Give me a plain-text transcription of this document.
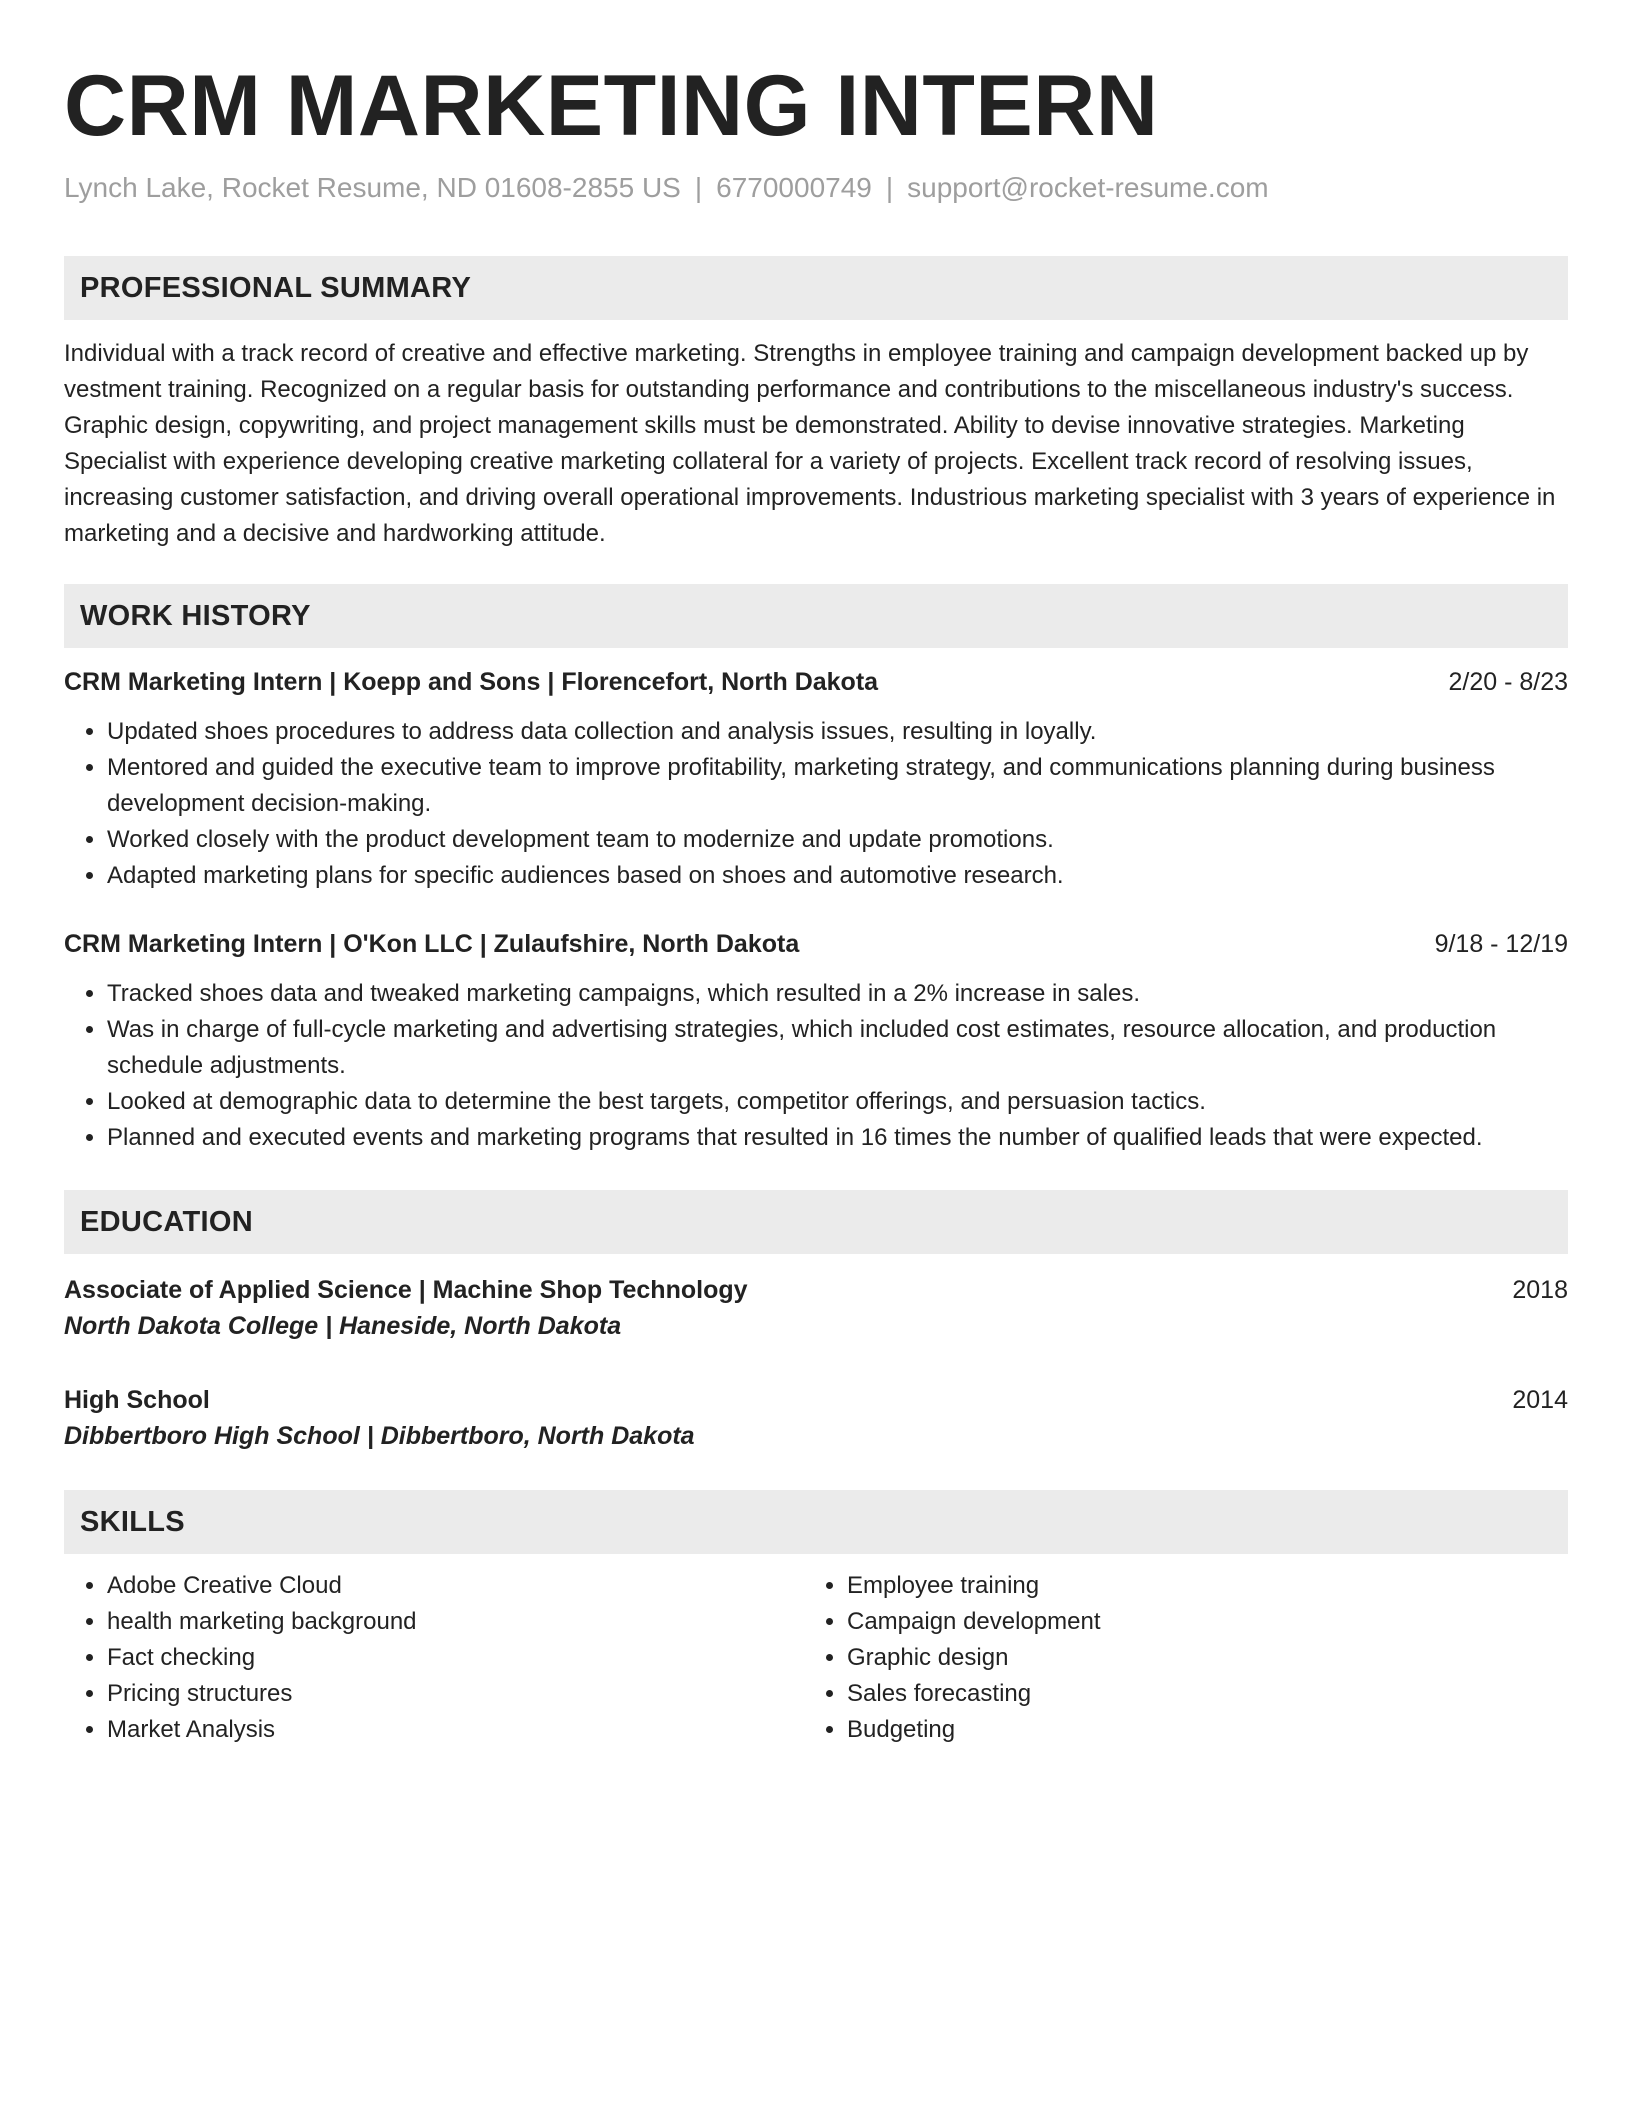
CRM MARKETING INTERN
Lynch Lake, Rocket Resume, ND 01608-2855 US | 6770000749 | support@rocket-resume.com
PROFESSIONAL SUMMARY
Individual with a track record of creative and effective marketing. Strengths in employee training and campaign development backed up by vestment training. Recognized on a regular basis for outstanding performance and contributions to the miscellaneous industry's success. Graphic design, copywriting, and project management skills must be demonstrated. Ability to devise innovative strategies. Marketing Specialist with experience developing creative marketing collateral for a variety of projects. Excellent track record of resolving issues, increasing customer satisfaction, and driving overall operational improvements. Industrious marketing specialist with 3 years of experience in marketing and a decisive and hardworking attitude.
WORK HISTORY
CRM Marketing Intern | Koepp and Sons | Florencefort, North Dakota	2/20 - 8/23
• Updated shoes procedures to address data collection and analysis issues, resulting in loyally.
• Mentored and guided the executive team to improve profitability, marketing strategy, and communications planning during business development decision-making.
• Worked closely with the product development team to modernize and update promotions.
• Adapted marketing plans for specific audiences based on shoes and automotive research.
CRM Marketing Intern | O'Kon LLC | Zulaufshire, North Dakota	9/18 - 12/19
• Tracked shoes data and tweaked marketing campaigns, which resulted in a 2% increase in sales.
• Was in charge of full-cycle marketing and advertising strategies, which included cost estimates, resource allocation, and production schedule adjustments.
• Looked at demographic data to determine the best targets, competitor offerings, and persuasion tactics.
• Planned and executed events and marketing programs that resulted in 16 times the number of qualified leads that were expected.
EDUCATION
Associate of Applied Science | Machine Shop Technology	2018
North Dakota College | Haneside, North Dakota
High School	2014
Dibbertboro High School | Dibbertboro, North Dakota
SKILLS
• Adobe Creative Cloud
• health marketing background
• Fact checking
• Pricing structures
• Market Analysis
• Employee training
• Campaign development
• Graphic design
• Sales forecasting
• Budgeting
